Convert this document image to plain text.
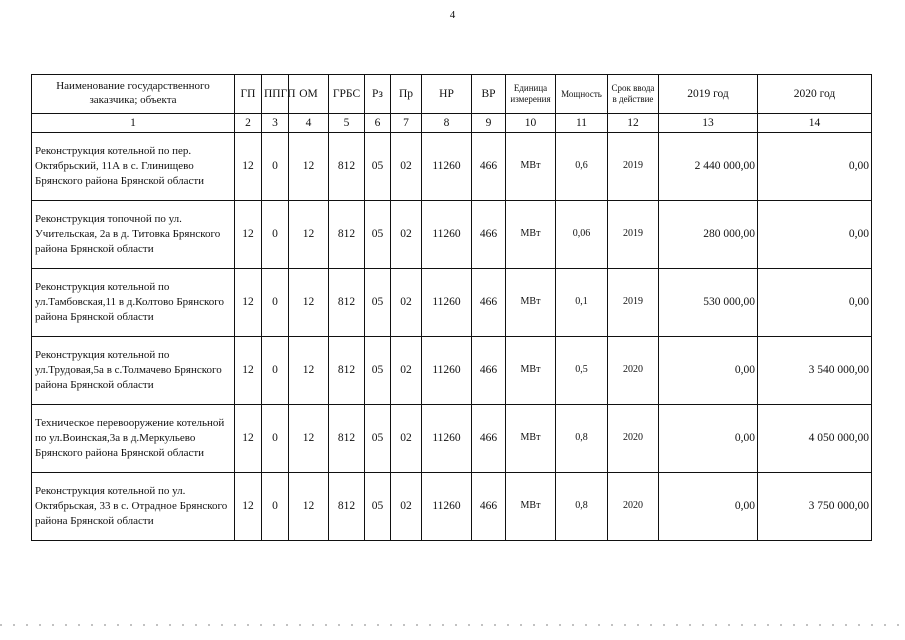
4
Наименование государственного заказчика; объекта	ГП	ППГП	ОМ	ГРБС	Рз	Пр	НР	ВР	Единица измерения	Мощность	Срок ввода в действие	2019 год	2020 год
1	2	3	4	5	6	7	8	9	10	11	12	13	14
Реконструкция котельной по пер. Октябрьский, 11А в с. Глинищево Брянского района Брянской области	12	0	12	812	05	02	11260	466	МВт	0,6	2019	2 440 000,00	0,00
Реконструкция топочной по ул. Учительская, 2а в д. Титовка Брянского района Брянской области	12	0	12	812	05	02	11260	466	МВт	0,06	2019	280 000,00	0,00
Реконструкция котельной по ул.Тамбовская,11 в д.Колтово Брянского района Брянской области	12	0	12	812	05	02	11260	466	МВт	0,1	2019	530 000,00	0,00
Реконструкция котельной по ул.Трудовая,5а в с.Толмачево Брянского района Брянской области	12	0	12	812	05	02	11260	466	МВт	0,5	2020	0,00	3 540 000,00
Техническое перевооружение котельной по ул.Воинская,3а в д.Меркульево Брянского района Брянской области	12	0	12	812	05	02	11260	466	МВт	0,8	2020	0,00	4 050 000,00
Реконструкция котельной по ул. Октябрьская, 33 в с. Отрадное Брянского района Брянской области	12	0	12	812	05	02	11260	466	МВт	0,8	2020	0,00	3 750 000,00
